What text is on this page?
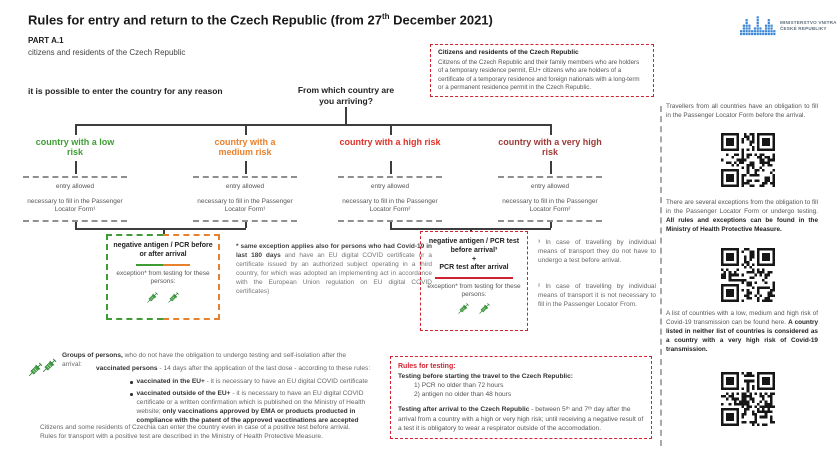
Rules for entry and return to the Czech Republic (from 27th December 2021)
PART A.1
citizens and residents of the Czech Republic	Citizens and residents of the Czech Republic
Citizens of the Czech Republic and their family members who are holders of a temporary residence permit, EU+ citizens who are holders of a certificate of a temporary residence and foreign nationals with a long-term or a permanent residence permit in the Czech Republic.
it is possible to enter the country for any reason	From which country are you arriving?
country with a low risk
country with a medium risk
country with a high risk	country with a very high risk
entry allowed
necessary to fill in the Passenger Locator Form¹
entry allowed
necessary to fill in the Passenger Locator Form¹
entry allowed
necessary to fill in the Passenger Locator Form²
entry allowed
necessary to fill in the Passenger Locator Form²
negative antigen / PCR before or after arrival
exception* from testing for these persons:
* same exception applies also for persons who had Covid-19 in last 180 days and have an EU digital COVID certificate or a certificate issued by an authorized subject operating in a third country, for which was adopted an implementing act in accordance with the European Union regulation on EU digital COVID certificates)
negative antigen / PCR test before arrival³
+
PCR test after arrival
exception* from testing for these persons:
³ In case of travelling by individual means of transport they do not have to undergo a test before arrival.
² In case of travelling by individual means of transport it is not necessary to fill in the Passenger Locator From.
Groups of persons, who do not have the obligation to undergo testing and self-isolation after the arrival:
vaccinated persons - 14 days after the application of the last dose - according to these rules:
vaccinated in the EU+ - it is necessary to have an EU digital COVID certificate
vaccinated outside of the EU+ - it is necessary to have an EU digital COVID certificate or a written confirmation which is published on the Ministry of Health website; only vaccinations approved by EMA or products producted in compliance with the patent of the approved vacctinations are accepted
Citizens and some residents of Czechia can enter the country even in case of a positive test before arrival. Rules for transport with a positive test are described in the Ministry of Health Protective Measure.
Rules for testing:
Testing before starting the travel to the Czech Republic:
1) PCR no older than 72 hours
2) antigen no older than 48 hours
Testing after arrival to the Czech Republic - between 5ᵗʰ and 7ᵗʰ day after the arrival from a country with a high or very high risk; until receiving a negative result of a test it is obligatory to wear a respirator outside of the accomodation.
MINISTERSTVO VNITRA
ČESKÉ REPUBLIKY
Travellers from all countries have an obligation to fill in the Passenger Locator Form before the arrival.
There are several exceptions from the obligation to fill in the Passenger Locator Form or undergo testing. All rules and exceptions can be found in the Ministry of Health Protective Measure.
A list of countries with a low, medium and high risk of Covid-19 transmission can be found here. A country listed in neither list of countries is considered as a country with a very high risk of Covid-19 transmission.
